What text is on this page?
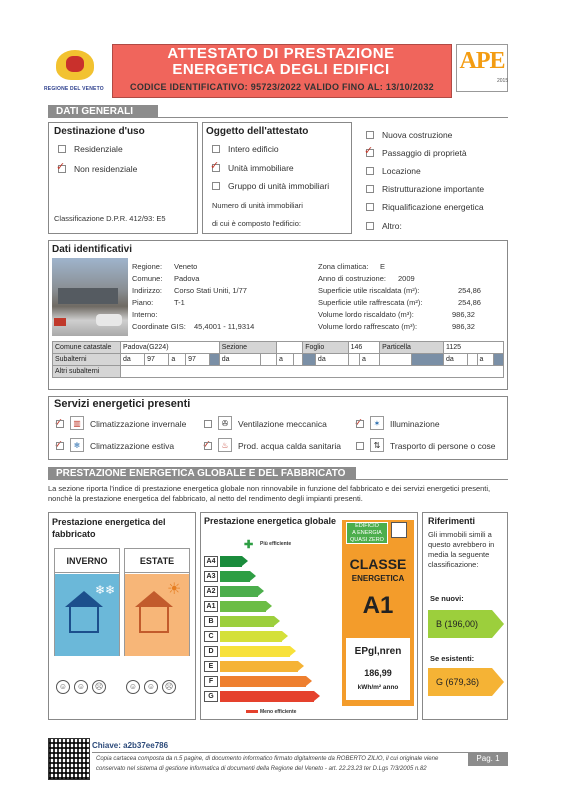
REGIONE DEL VENETO
ATTESTATO DI PRESTAZIONE
ENERGETICA DEGLI EDIFICI
CODICE IDENTIFICATIVO: 95723/2022 VALIDO FINO AL: 13/10/2032
APE
2015
DATI GENERALI
Destinazione d'uso
Residenziale
✓ Non residenziale
Classificazione D.P.R. 412/93: E5
Oggetto dell'attestato
Intero edificio
✓ Unità immobiliare
Gruppo di unità immobiliari
Numero di unità immobiliari
di cui è composto l'edificio:
Nuova costruzione
✓ Passaggio di proprietà
Locazione
Ristrutturazione importante
Riqualificazione energetica
Altro:
Dati identificativi
Regione: Veneto
Comune: Padova
Indirizzo: Corso Stati Uniti, 1/77
Piano:	T-1
Interno:
Coordinate GIS: 45,4001 - 11,9314
Zona climatica: E
Anno di costruzione: 2009
Superficie utile riscaldata (m²):	254,86
Superficie utile raffrescata (m²):	254,86
Volume lordo riscaldato (m³):	986,32
Volume lordo raffrescato (m³):	986,32
Comune catastale	Padova(G224)					Sezione				Foglio		146		Particella		1125			
Subalterni	da	97	a	97		da		a			da		a			da		a	
Altri subalterni																			
Servizi energetici presenti
✓	▥	Climatizzazione invernale	✇	Ventilazione meccanica ✓	✶	Illuminazione
✓	❄	Climatizzazione estiva	✓	♨	Prod. acqua calda sanitaria	⇅	Trasporto di persone o cose
PRESTAZIONE ENERGETICA GLOBALE E DEL FABBRICATO
La sezione riporta l'indice di prestazione energetica globale non rinnovabile in funzione del fabbricato e dei servizi energetici presenti, nonchè la prestazione energetica del fabbricato, al netto del rendimento degli impianti presenti.
Prestazione energetica del fabbricato
INVERNO
❄❄
ESTATE
☀
☺	☺	☹	☺	☺	☹
Prestazione energetica globale
✚ Più efficiente
Meno efficiente
A4
A3
A2
A1
B
C
D
E
F
G
EDIFICIO
A ENERGIA
QUASI ZERO
CLASSE
ENERGETICA
A1
EPgl,nren
186,99
kWh/m² anno
Riferimenti
Gli immobili simili a questo avrebbero in media la seguente classificazione:
Se nuovi:
B (196,00)
Se esistenti:
G (679,36)
Chiave: a2b37ee786
Copia cartacea composta da n.5 pagine, di documento informatico firmato digitalmente da ROBERTO ZILIO, il cui originale viene
conservato nel sistema di gestione informatica di documenti della Regione del Veneto - art. 22.23.23 ter D.Lgs 7/3/2005 n.82
Pag. 1
